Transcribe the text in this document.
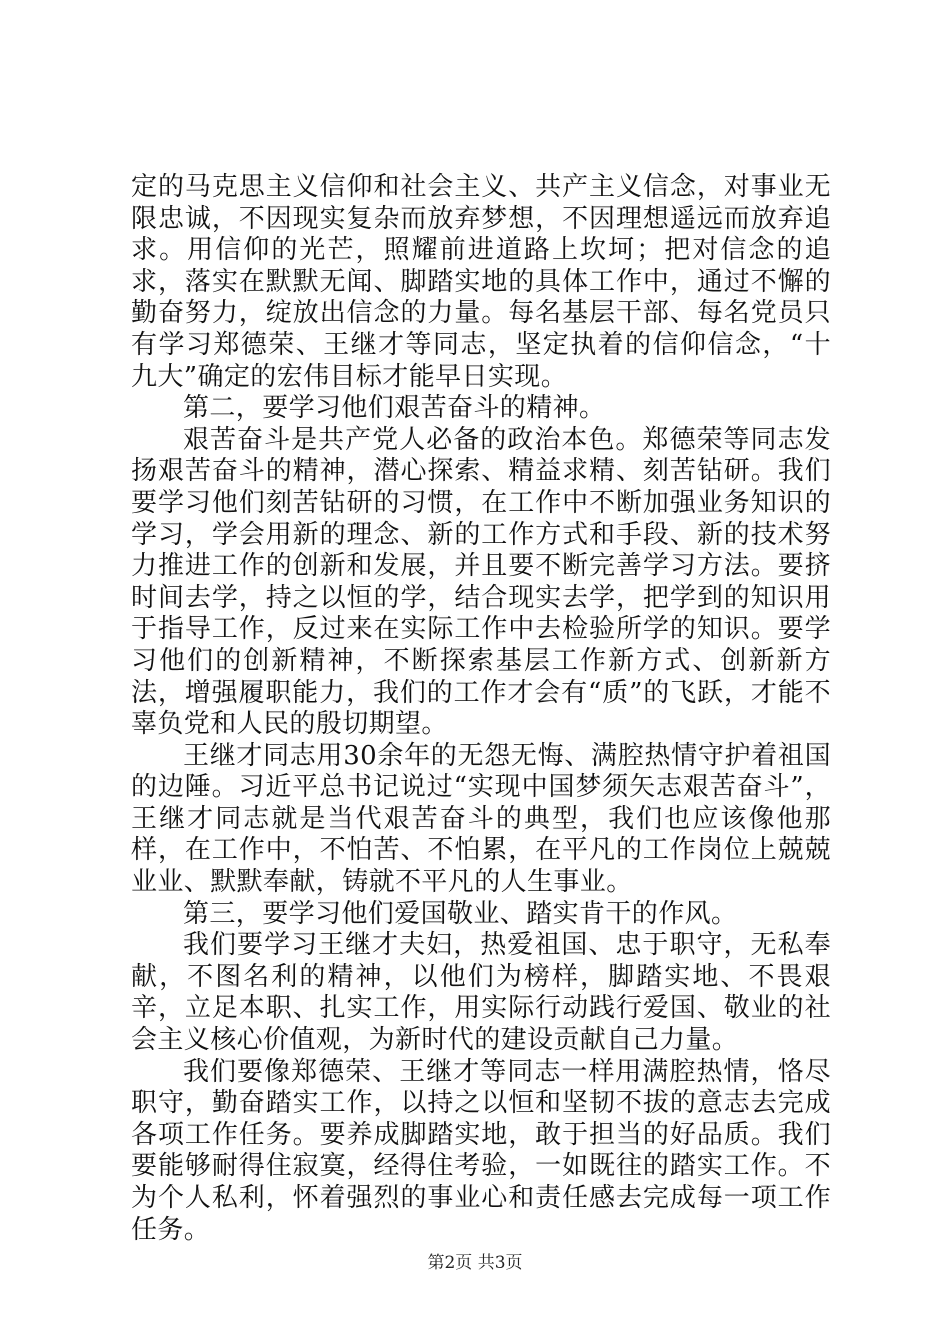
定的马克思主义信仰和社会主义、共产主义信念，对事业无限忠诚，不因现实复杂而放弃梦想，不因理想遥远而放弃追求。用信仰的光芒，照耀前进道路上坎坷；把对信念的追求，落实在默默无闻、脚踏实地的具体工作中，通过不懈的勤奋努力，绽放出信念的力量。每名基层干部、每名党员只有学习郑德荣、王继才等同志，坚定执着的信仰信念，“十九大”确定的宏伟目标才能早日实现。

第二，要学习他们艰苦奋斗的精神。

艰苦奋斗是共产党人必备的政治本色。郑德荣等同志发扬艰苦奋斗的精神，潜心探索、精益求精、刻苦钻研。我们要学习他们刻苦钻研的习惯，在工作中不断加强业务知识的学习，学会用新的理念、新的工作方式和手段、新的技术努力推进工作的创新和发展，并且要不断完善学习方法。要挤时间去学，持之以恒的学，结合现实去学，把学到的知识用于指导工作，反过来在实际工作中去检验所学的知识。要学习他们的创新精神，不断探索基层工作新方式、创新新方法，增强履职能力，我们的工作才会有“质”的飞跃，才能不辜负党和人民的殷切期望。

王继才同志用30余年的无怨无悔、满腔热情守护着祖国的边陲。习近平总书记说过“实现中国梦须矢志艰苦奋斗”，王继才同志就是当代艰苦奋斗的典型，我们也应该像他那样，在工作中，不怕苦、不怕累，在平凡的工作岗位上兢兢业业、默默奉献，铸就不平凡的人生事业。

第三，要学习他们爱国敬业、踏实肯干的作风。

我们要学习王继才夫妇，热爱祖国、忠于职守，无私奉献，不图名利的精神，以他们为榜样，脚踏实地、不畏艰辛，立足本职、扎实工作，用实际行动践行爱国、敬业的社会主义核心价值观，为新时代的建设贡献自己力量。

我们要像郑德荣、王继才等同志一样用满腔热情，恪尽职守，勤奋踏实工作，以持之以恒和坚韧不拔的意志去完成各项工作任务。要养成脚踏实地，敢于担当的好品质。我们要能够耐得住寂寞，经得住考验，一如既往的踏实工作。不为个人私利，怀着强烈的事业心和责任感去完成每一项工作任务。

第2页 共3页
